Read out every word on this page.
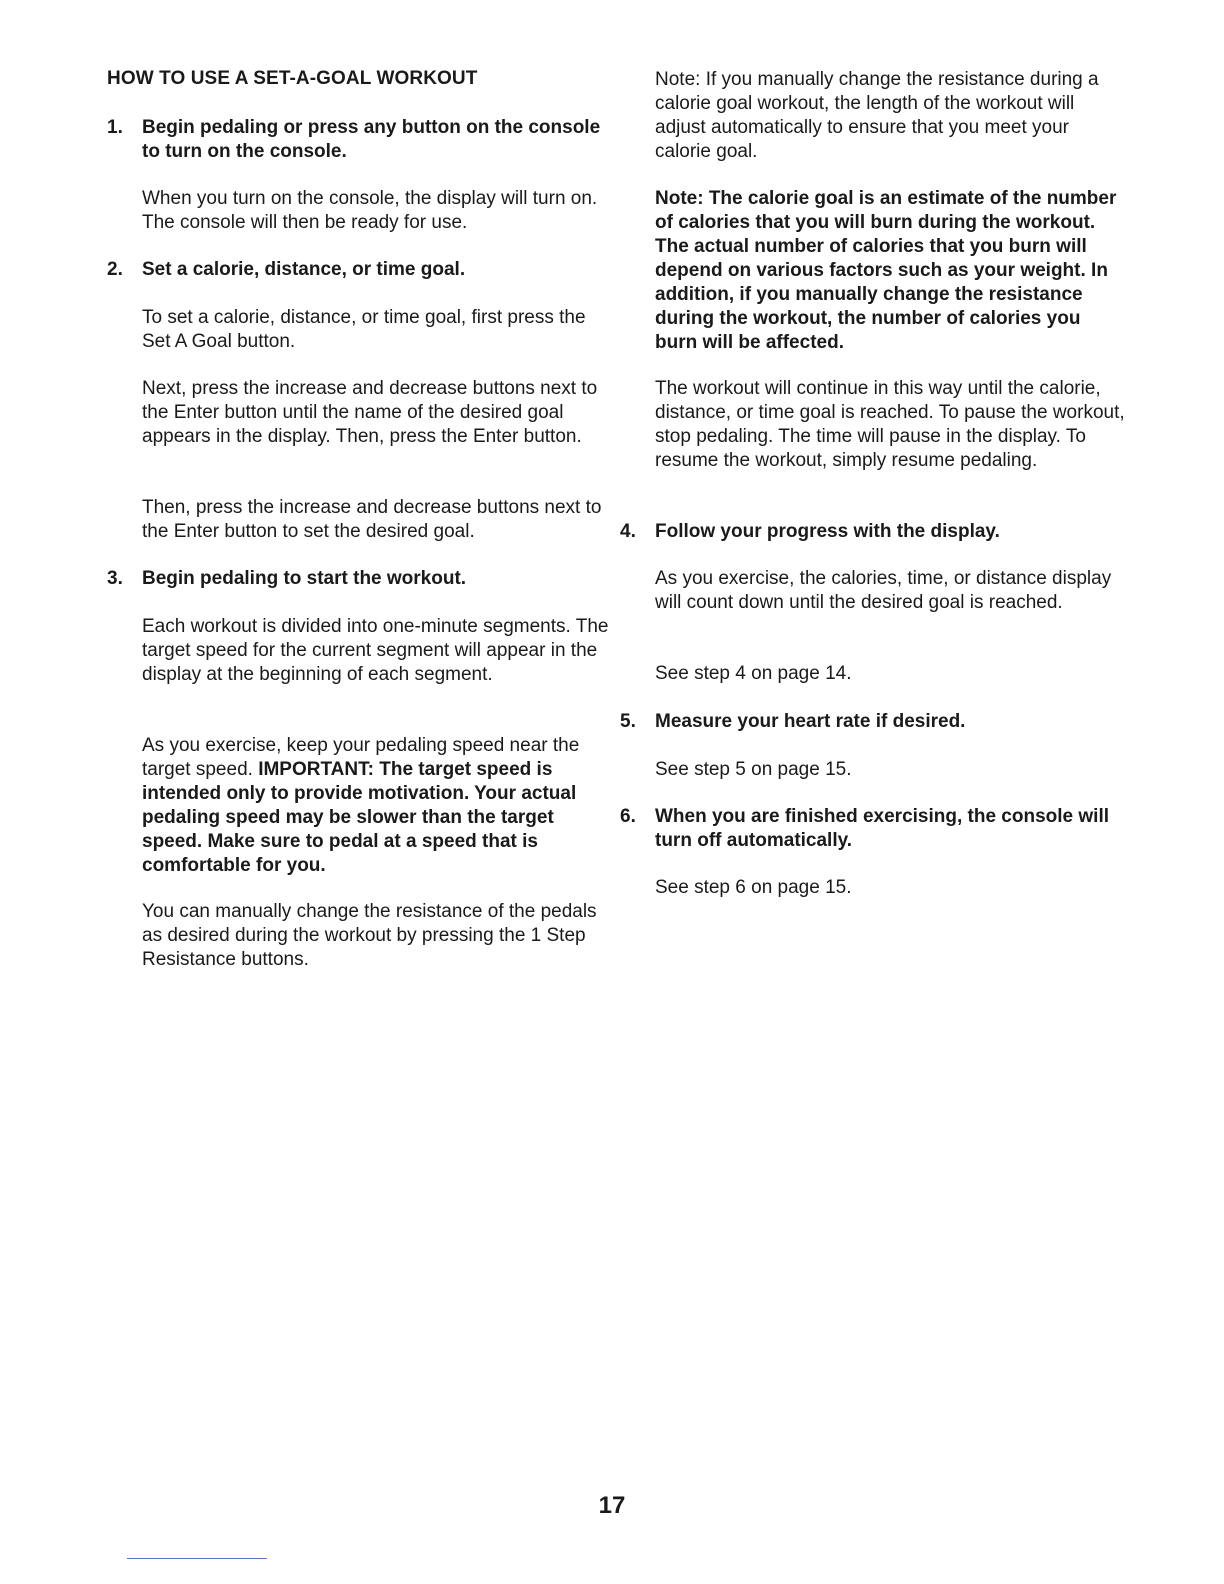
HOW TO USE A SET-A-GOAL WORKOUT
1.	Begin pedaling or press any button on the console to turn on the console.
When you turn on the console, the display will turn on. The console will then be ready for use.
2.	Set a calorie, distance, or time goal.
To set a calorie, distance, or time goal, first press the Set A Goal button.
Next, press the increase and decrease buttons next to the Enter button until the name of the desired goal appears in the display. Then, press the Enter button.
Then, press the increase and decrease buttons next to the Enter button to set the desired goal.
3.	Begin pedaling to start the workout.
Each workout is divided into one-minute segments. The target speed for the current segment will appear in the display at the beginning of each segment.
As you exercise, keep your pedaling speed near the target speed. IMPORTANT: The target speed is intended only to provide motivation. Your actual pedaling speed may be slower than the target speed. Make sure to pedal at a speed that is comfortable for you.
You can manually change the resistance of the pedals as desired during the workout by pressing the 1 Step Resistance buttons.
Note: If you manually change the resistance during a calorie goal workout, the length of the workout will adjust automatically to ensure that you meet your calorie goal.
Note: The calorie goal is an estimate of the number of calories that you will burn during the workout. The actual number of calories that you burn will depend on various factors such as your weight. In addition, if you manually change the resistance during the workout, the number of calories you burn will be affected.
The workout will continue in this way until the calorie, distance, or time goal is reached. To pause the workout, stop pedaling. The time will pause in the display. To resume the workout, simply resume pedaling.
4.	Follow your progress with the display.
As you exercise, the calories, time, or distance display will count down until the desired goal is reached.
See step 4 on page 14.
5.	Measure your heart rate if desired.
See step 5 on page 15.
6.	When you are finished exercising, the console will turn off automatically.
See step 6 on page 15.
17
